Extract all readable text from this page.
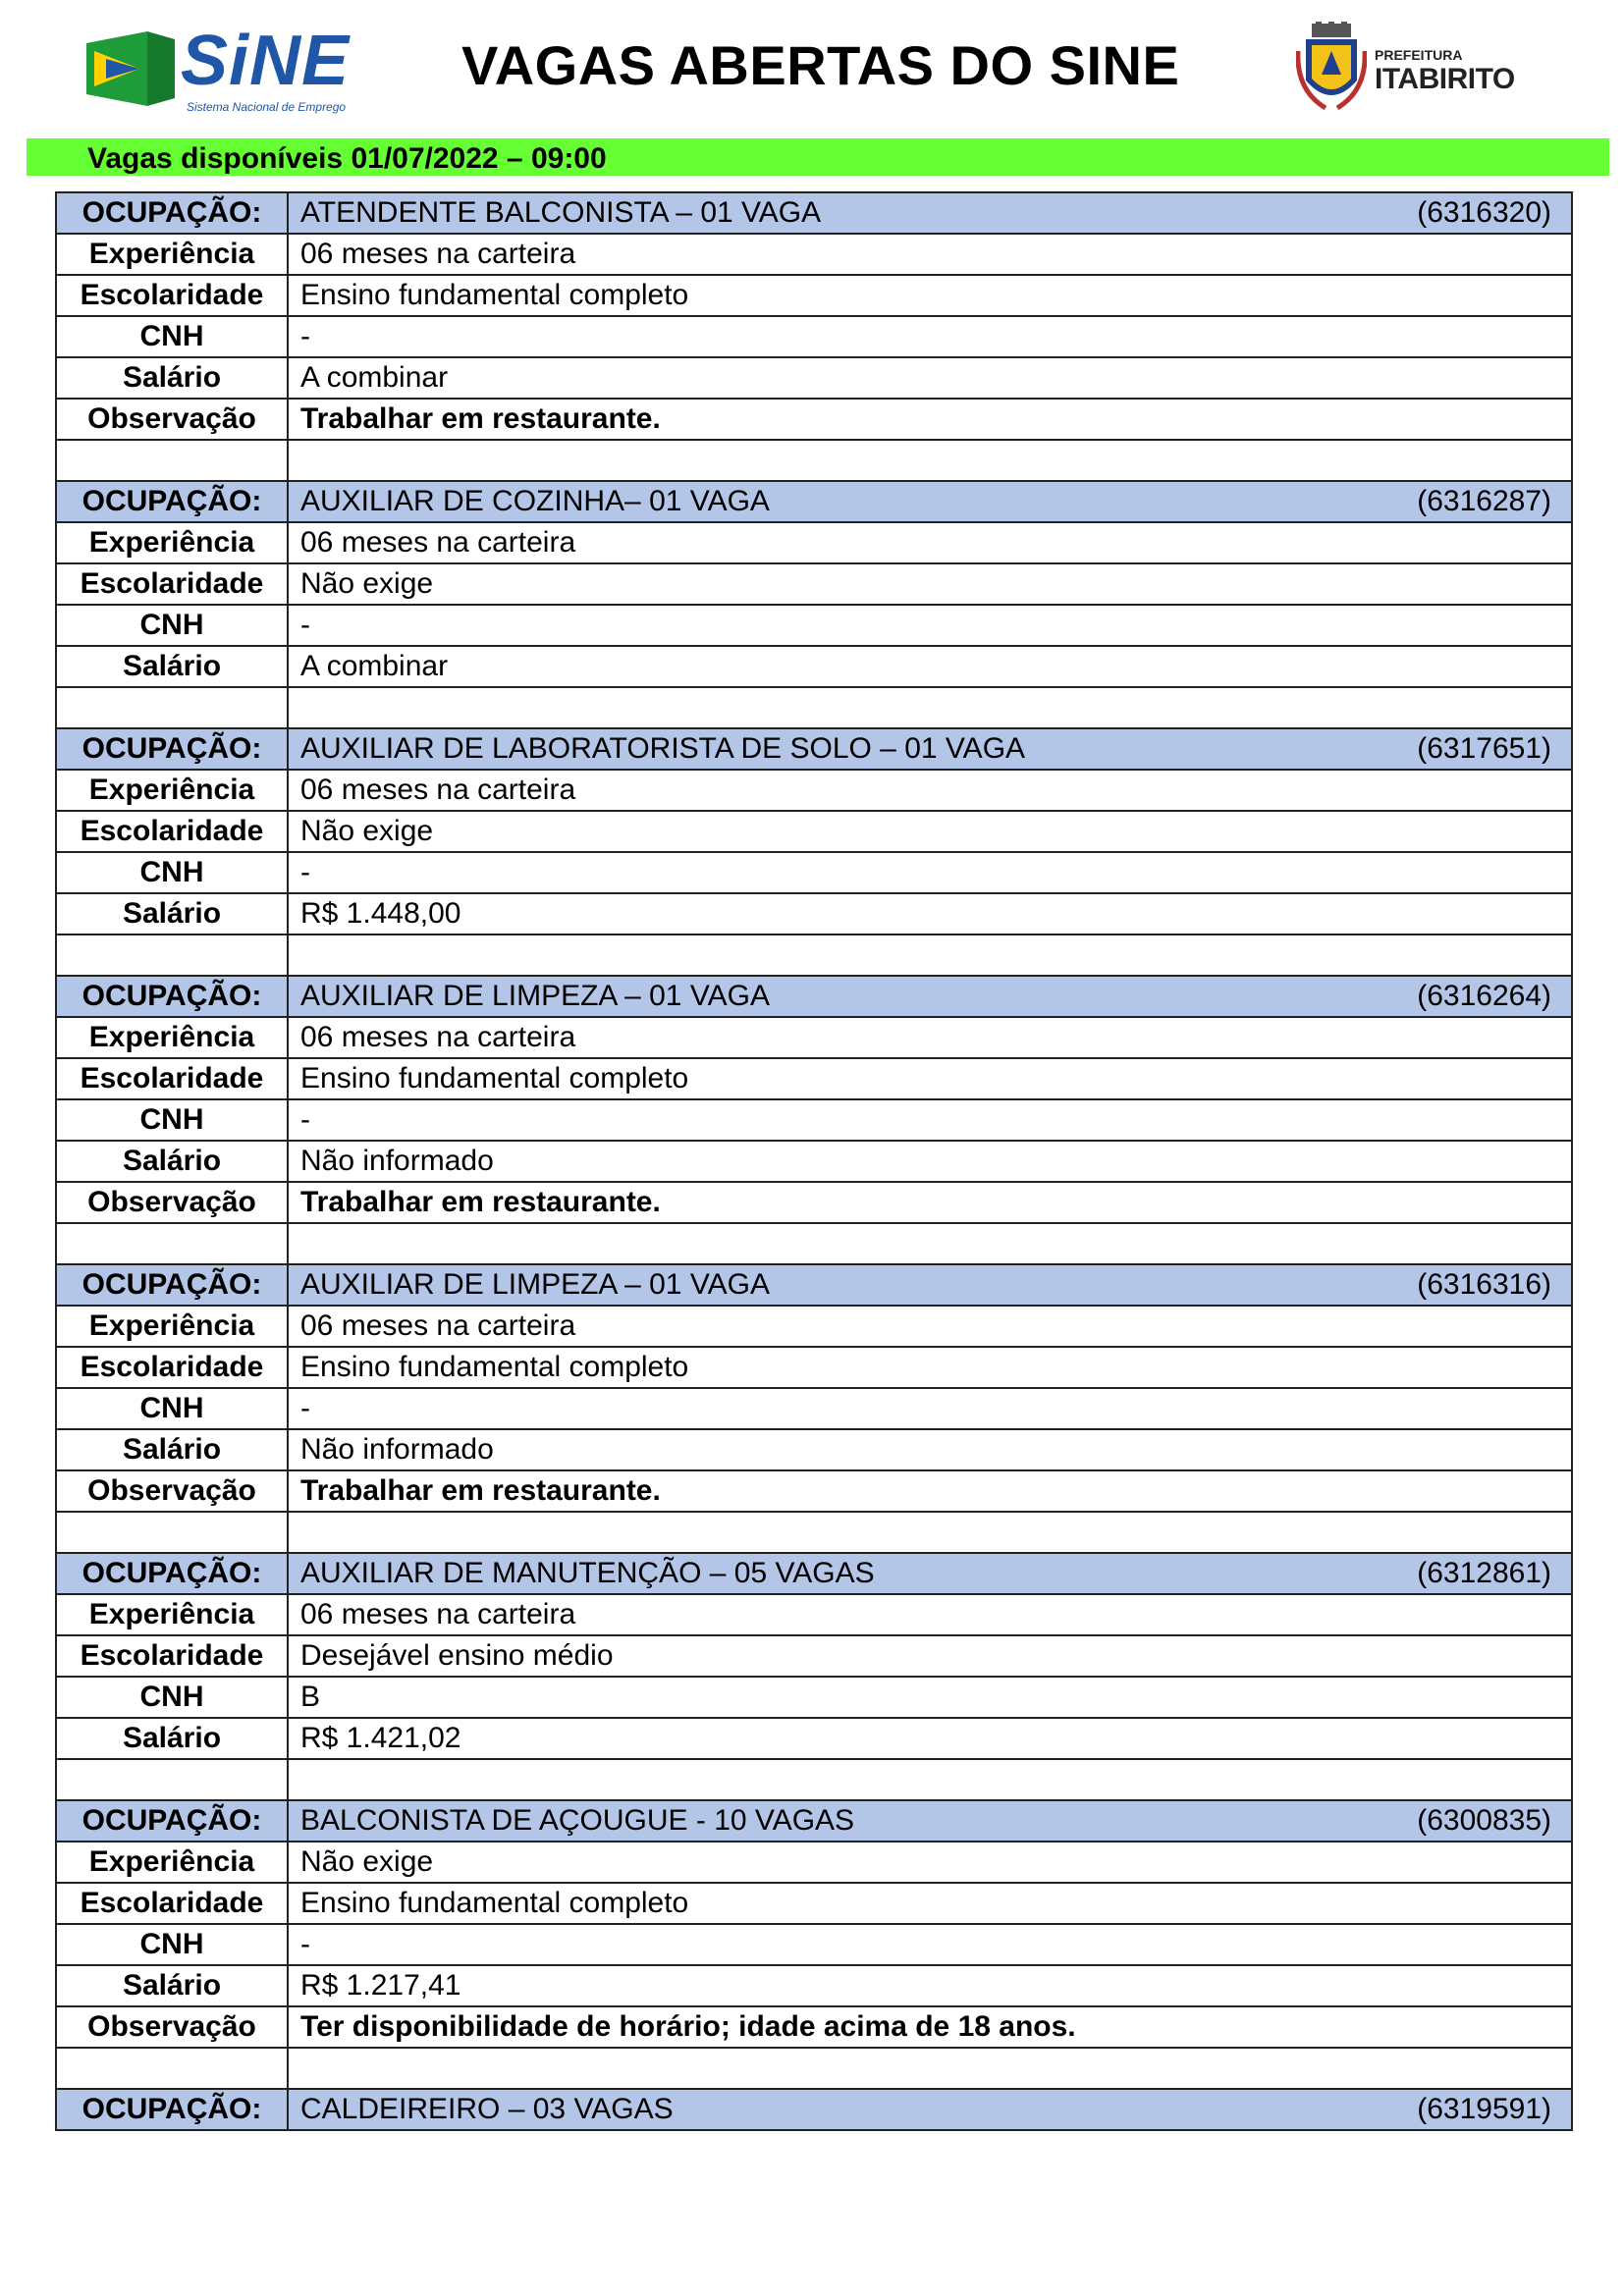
SiNE
Sistema Nacional de Emprego
VAGAS ABERTAS DO SINE	PREFEITURA
ITABIRITO
Vagas disponíveis 01/07/2022 – 09:00
OCUPAÇÃO:	ATENDENTE BALCONISTA – 01 VAGA (6316320)

Experiência	06 meses na carteira
Escolaridade	Ensino fundamental completo
CNH	-
Salário	A combinar
Observação	Trabalhar em restaurante.

OCUPAÇÃO:	AUXILIAR DE COZINHA– 01 VAGA (6316287)

Experiência	06 meses na carteira
Escolaridade	Não exige
CNH	-
Salário	A combinar

OCUPAÇÃO:	AUXILIAR DE LABORATORISTA DE SOLO – 01 VAGA (6317651)

Experiência	06 meses na carteira
Escolaridade	Não exige
CNH	-
Salário	R$ 1.448,00

OCUPAÇÃO:	AUXILIAR DE LIMPEZA – 01 VAGA (6316264)

Experiência	06 meses na carteira
Escolaridade	Ensino fundamental completo
CNH	-
Salário	Não informado
Observação	Trabalhar em restaurante.

OCUPAÇÃO:	AUXILIAR DE LIMPEZA – 01 VAGA (6316316)

Experiência	06 meses na carteira
Escolaridade	Ensino fundamental completo
CNH	-
Salário	Não informado
Observação	Trabalhar em restaurante.

OCUPAÇÃO:	AUXILIAR DE MANUTENÇÃO – 05 VAGAS (6312861)

Experiência	06 meses na carteira
Escolaridade	Desejável ensino médio
CNH	B
Salário	R$ 1.421,02

OCUPAÇÃO:	BALCONISTA DE AÇOUGUE - 10 VAGAS (6300835)

Experiência	Não exige
Escolaridade	Ensino fundamental completo
CNH	-
Salário	R$ 1.217,41
Observação	Ter disponibilidade de horário; idade acima de 18 anos.

OCUPAÇÃO:	CALDEIREIRO – 03 VAGAS (6319591)
